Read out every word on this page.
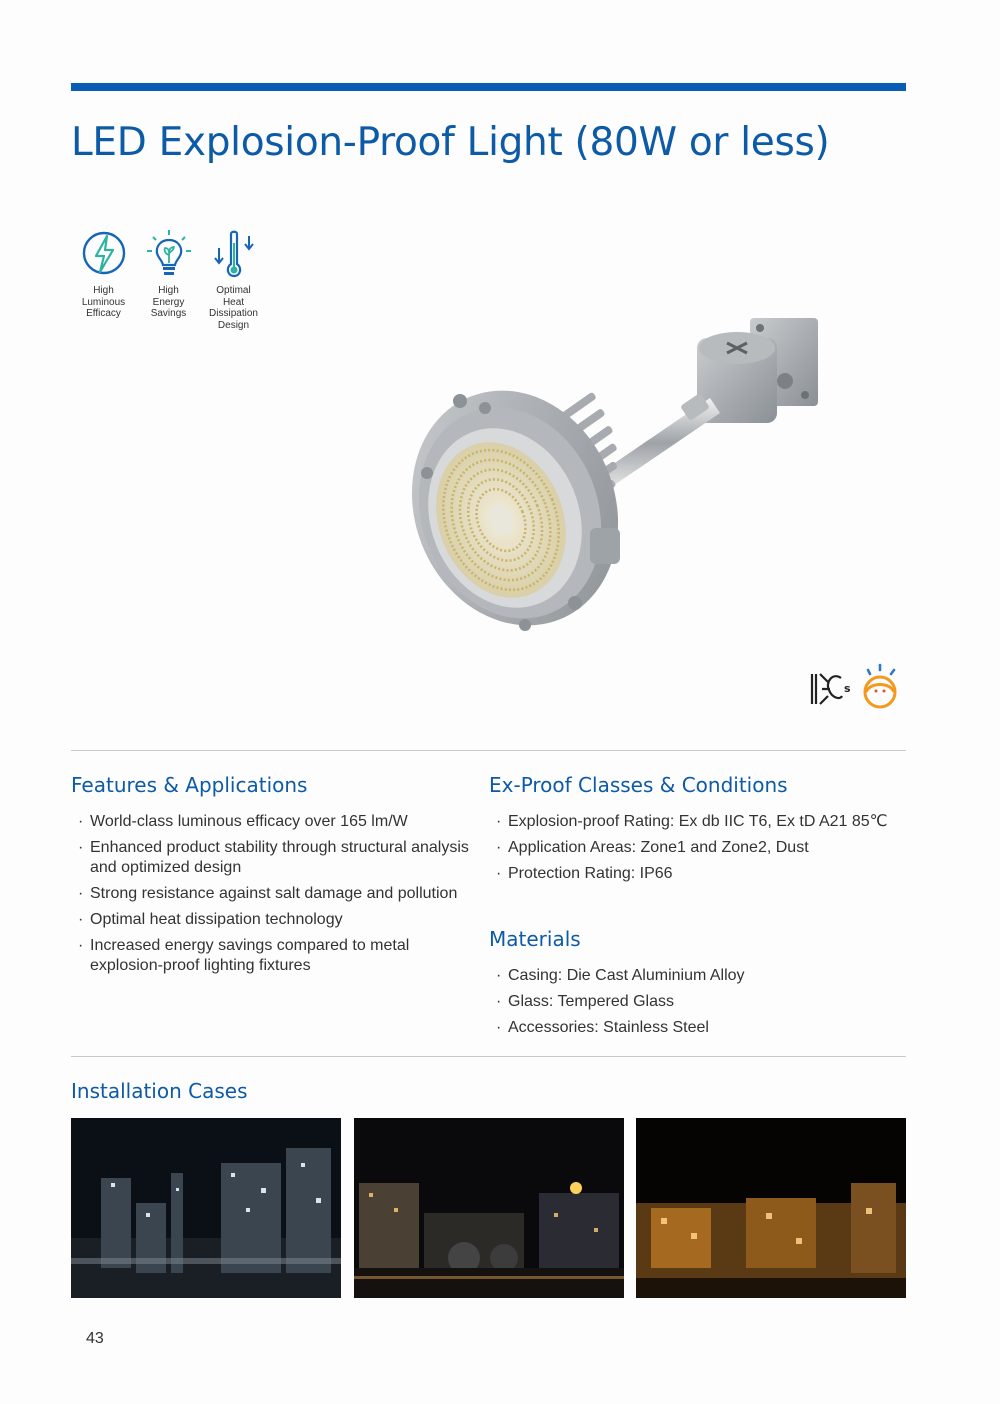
LED Explosion-Proof Light (80W or less)
High
Luminous
Efficacy
High
Energy
Savings
Optimal
Heat
Dissipation
Design
s
Features & Applications
· World-class luminous efficacy over 165 lm/W
· Enhanced product stability through structural analysis and optimized design
· Strong resistance against salt damage and pollution
· Optimal heat dissipation technology
· Increased energy savings compared to metal explosion-proof lighting fixtures
Ex-Proof Classes & Conditions
· Explosion-proof Rating: Ex db IIC T6, Ex tD A21 85℃
· Application Areas: Zone1 and Zone2, Dust
· Protection Rating: IP66
Materials
· Casing: Die Cast Aluminium Alloy
· Glass: Tempered Glass
· Accessories: Stainless Steel
Installation Cases
43
